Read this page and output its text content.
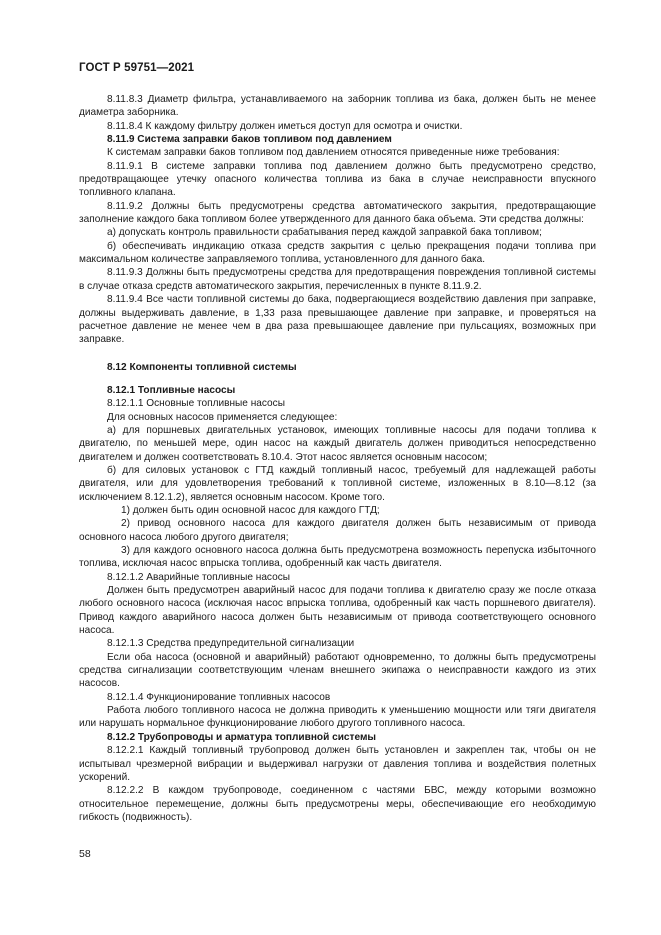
ГОСТ Р 59751—2021

8.11.8.3 Диаметр фильтра, устанавливаемого на заборник топлива из бака, должен быть не менее диаметра заборника.

8.11.8.4 К каждому фильтру должен иметься доступ для осмотра и очистки.

8.11.9 Система заправки баков топливом под давлением

К системам заправки баков топливом под давлением относятся приведенные ниже требования:

8.11.9.1 В системе заправки топлива под давлением должно быть предусмотрено средство, предотвращающее утечку опасного количества топлива из бака в случае неисправности впускного топливного клапана.

8.11.9.2 Должны быть предусмотрены средства автоматического закрытия, предотвращающие заполнение каждого бака топливом более утвержденного для данного бака объема. Эти средства должны:

а) допускать контроль правильности срабатывания перед каждой заправкой бака топливом;

б) обеспечивать индикацию отказа средств закрытия с целью прекращения подачи топлива при максимальном количестве заправляемого топлива, установленного для данного бака.

8.11.9.3 Должны быть предусмотрены средства для предотвращения повреждения топливной системы в случае отказа средств автоматического закрытия, перечисленных в пункте 8.11.9.2.

8.11.9.4 Все части топливной системы до бака, подвергающиеся воздействию давления при заправке, должны выдерживать давление, в 1,33 раза превышающее давление при заправке, и проверяться на расчетное давление не менее чем в два раза превышающее давление при пульсациях, возможных при заправке.

8.12 Компоненты топливной системы

8.12.1 Топливные насосы

8.12.1.1 Основные топливные насосы

Для основных насосов применяется следующее:

а) для поршневых двигательных установок, имеющих топливные насосы для подачи топлива к двигателю, по меньшей мере, один насос на каждый двигатель должен приводиться непосредственно двигателем и должен соответствовать 8.10.4. Этот насос является основным насосом;

б) для силовых установок с ГТД каждый топливный насос, требуемый для надлежащей работы двигателя, или для удовлетворения требований к топливной системе, изложенных в 8.10—8.12 (за исключением 8.12.1.2), является основным насосом. Кроме того.

1) должен быть один основной насос для каждого ГТД;

2) привод основного насоса для каждого двигателя должен быть независимым от привода основного насоса любого другого двигателя;

3) для каждого основного насоса должна быть предусмотрена возможность перепуска избыточного топлива, исключая насос впрыска топлива, одобренный как часть двигателя.

8.12.1.2 Аварийные топливные насосы

Должен быть предусмотрен аварийный насос для подачи топлива к двигателю сразу же после отказа любого основного насоса (исключая насос впрыска топлива, одобренный как часть поршневого двигателя). Привод каждого аварийного насоса должен быть независимым от привода соответствующего основного насоса.

8.12.1.3 Средства предупредительной сигнализации

Если оба насоса (основной и аварийный) работают одновременно, то должны быть предусмотрены средства сигнализации соответствующим членам внешнего экипажа о неисправности каждого из этих насосов.

8.12.1.4 Функционирование топливных насосов

Работа любого топливного насоса не должна приводить к уменьшению мощности или тяги двигателя или нарушать нормальное функционирование любого другого топливного насоса.

8.12.2 Трубопроводы и арматура топливной системы

8.12.2.1 Каждый топливный трубопровод должен быть установлен и закреплен так, чтобы он не испытывал чрезмерной вибрации и выдерживал нагрузки от давления топлива и воздействия полетных ускорений.

8.12.2.2 В каждом трубопроводе, соединенном с частями БВС, между которыми возможно относительное перемещение, должны быть предусмотрены меры, обеспечивающие его необходимую гибкость (подвижность).

58
